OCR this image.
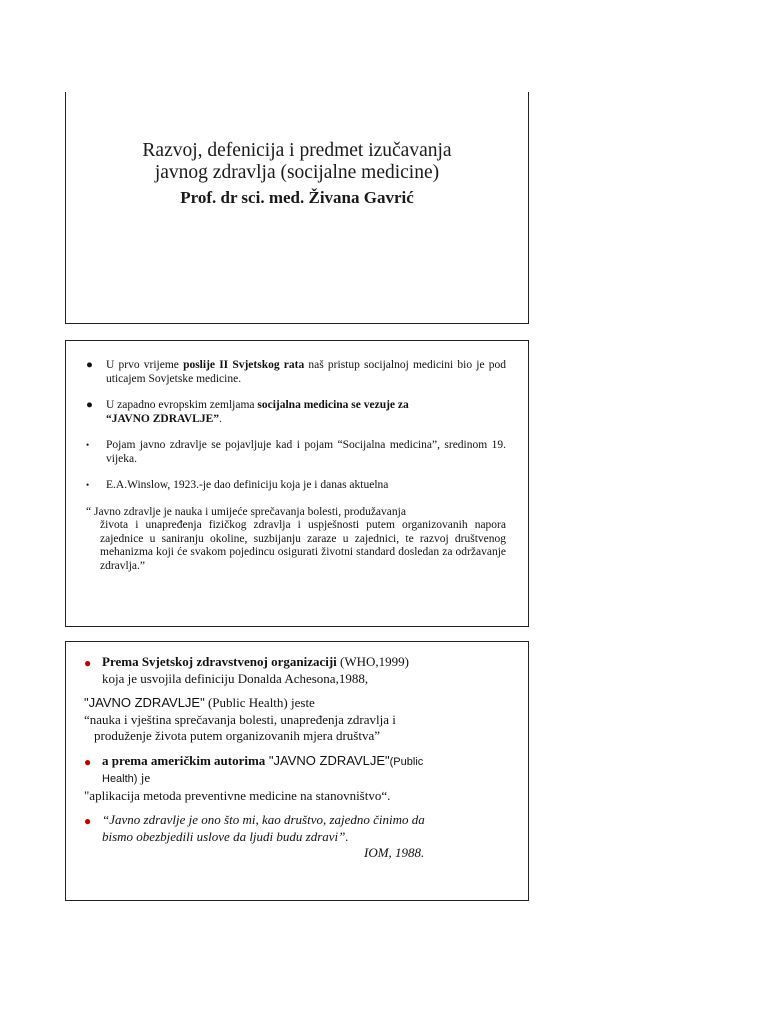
Razvoj, defenicija i predmet izučavanja
javnog zdravlja (socijalne medicine)
Prof. dr sci. med. Živana Gavrić
● U prvo vrijeme poslije II Svjetskog rata naš pristup socijalnoj medicini bio je pod uticajem Sovjetske medicine.
● U zapadno evropskim zemljama socijalna medicina se vezuje za
“JAVNO ZDRAVLJE”.
• Pojam javno zdravlje se pojavljuje kad i pojam “Socijalna medicina”, sredinom 19. vijeka.
• E.A.Winslow, 1923.-je dao definiciju koja je i danas aktuelna
“ Javno zdravlje je nauka i umijeće sprečavanja bolesti, produžavanja
života i unapređenja fizičkog zdravlja i uspješnosti putem organizovanih napora zajednice u saniranju okoline, suzbijanju zaraze u zajednici, te razvoj društvenog mehanizma koji će svakom pojedincu osigurati životni standard dosledan za održavanje zdravlja.”
● Prema Svjetskoj zdravstvenoj organizaciji (WHO,1999)
koja je usvojila definiciju Donalda Achesona,1988,
"JAVNO ZDRAVLJE" (Public Health) jeste
“nauka i vještina sprečavanja bolesti, unapređenja zdravlja i
produženje života putem organizovanih mjera društva”
● a prema američkim autorima "JAVNO ZDRAVLJE"(Public
Health) je
"aplikacija metoda preventivne medicine na stanovništvo“.
● “Javno zdravlje je ono što mi, kao društvo, zajedno činimo da
bismo obezbjedili uslove da ljudi budu zdravi”.
IOM, 1988.
